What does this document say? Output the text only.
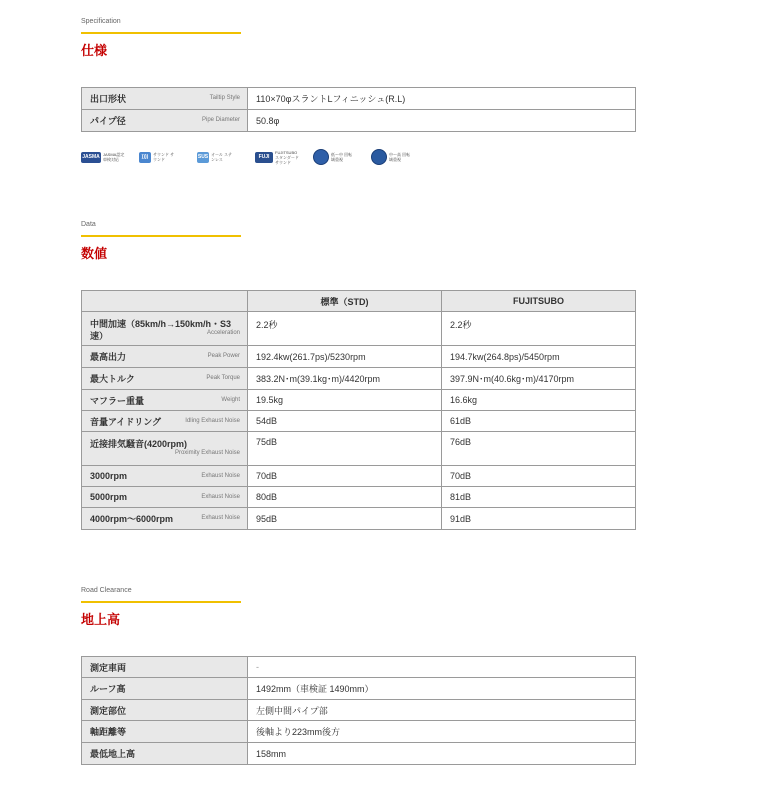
Specification
仕様
出口形状 Tailtip Style	110×70φスラントLフィニッシュ(R.L)
パイプ径 Pipe Diameter	50.8φ
JASMA JASMA認定 車検対応	))))	サウンド サウンド	SUS オール ステンレス	FUJI
FUJITSUBO スタンダード サウンド
低～中 回転域重視
中～高 回転域重視
Data
数値
	標準（STD)	FUJITSUBO
中間加速（85km/h→150km/h・S3速） Acceleration	2.2秒	2.2秒
最高出力 Peak Power	192.4kw(261.7ps)/5230rpm	194.7kw(264.8ps)/5450rpm
最大トルク Peak Torque	383.2N･m(39.1kg･m)/4420rpm	397.9N･m(40.6kg･m)/4170rpm
マフラー重量 Weight	19.5kg	16.6kg
音量アイドリング Idling Exhaust Noise	54dB	61dB
近接排気騒音(4200rpm)
Proximity Exhaust Noise	75dB	76dB
3000rpm Exhaust Noise	70dB	70dB
5000rpm Exhaust Noise	80dB	81dB
4000rpm～6000rpm Exhaust Noise	95dB	91dB
Road Clearance
地上高
測定車両	-
ルーフ高	1492mm（車検証 1490mm）
測定部位	左側中間パイプ部
軸距離等	後軸より223mm後方
最低地上高	158mm
